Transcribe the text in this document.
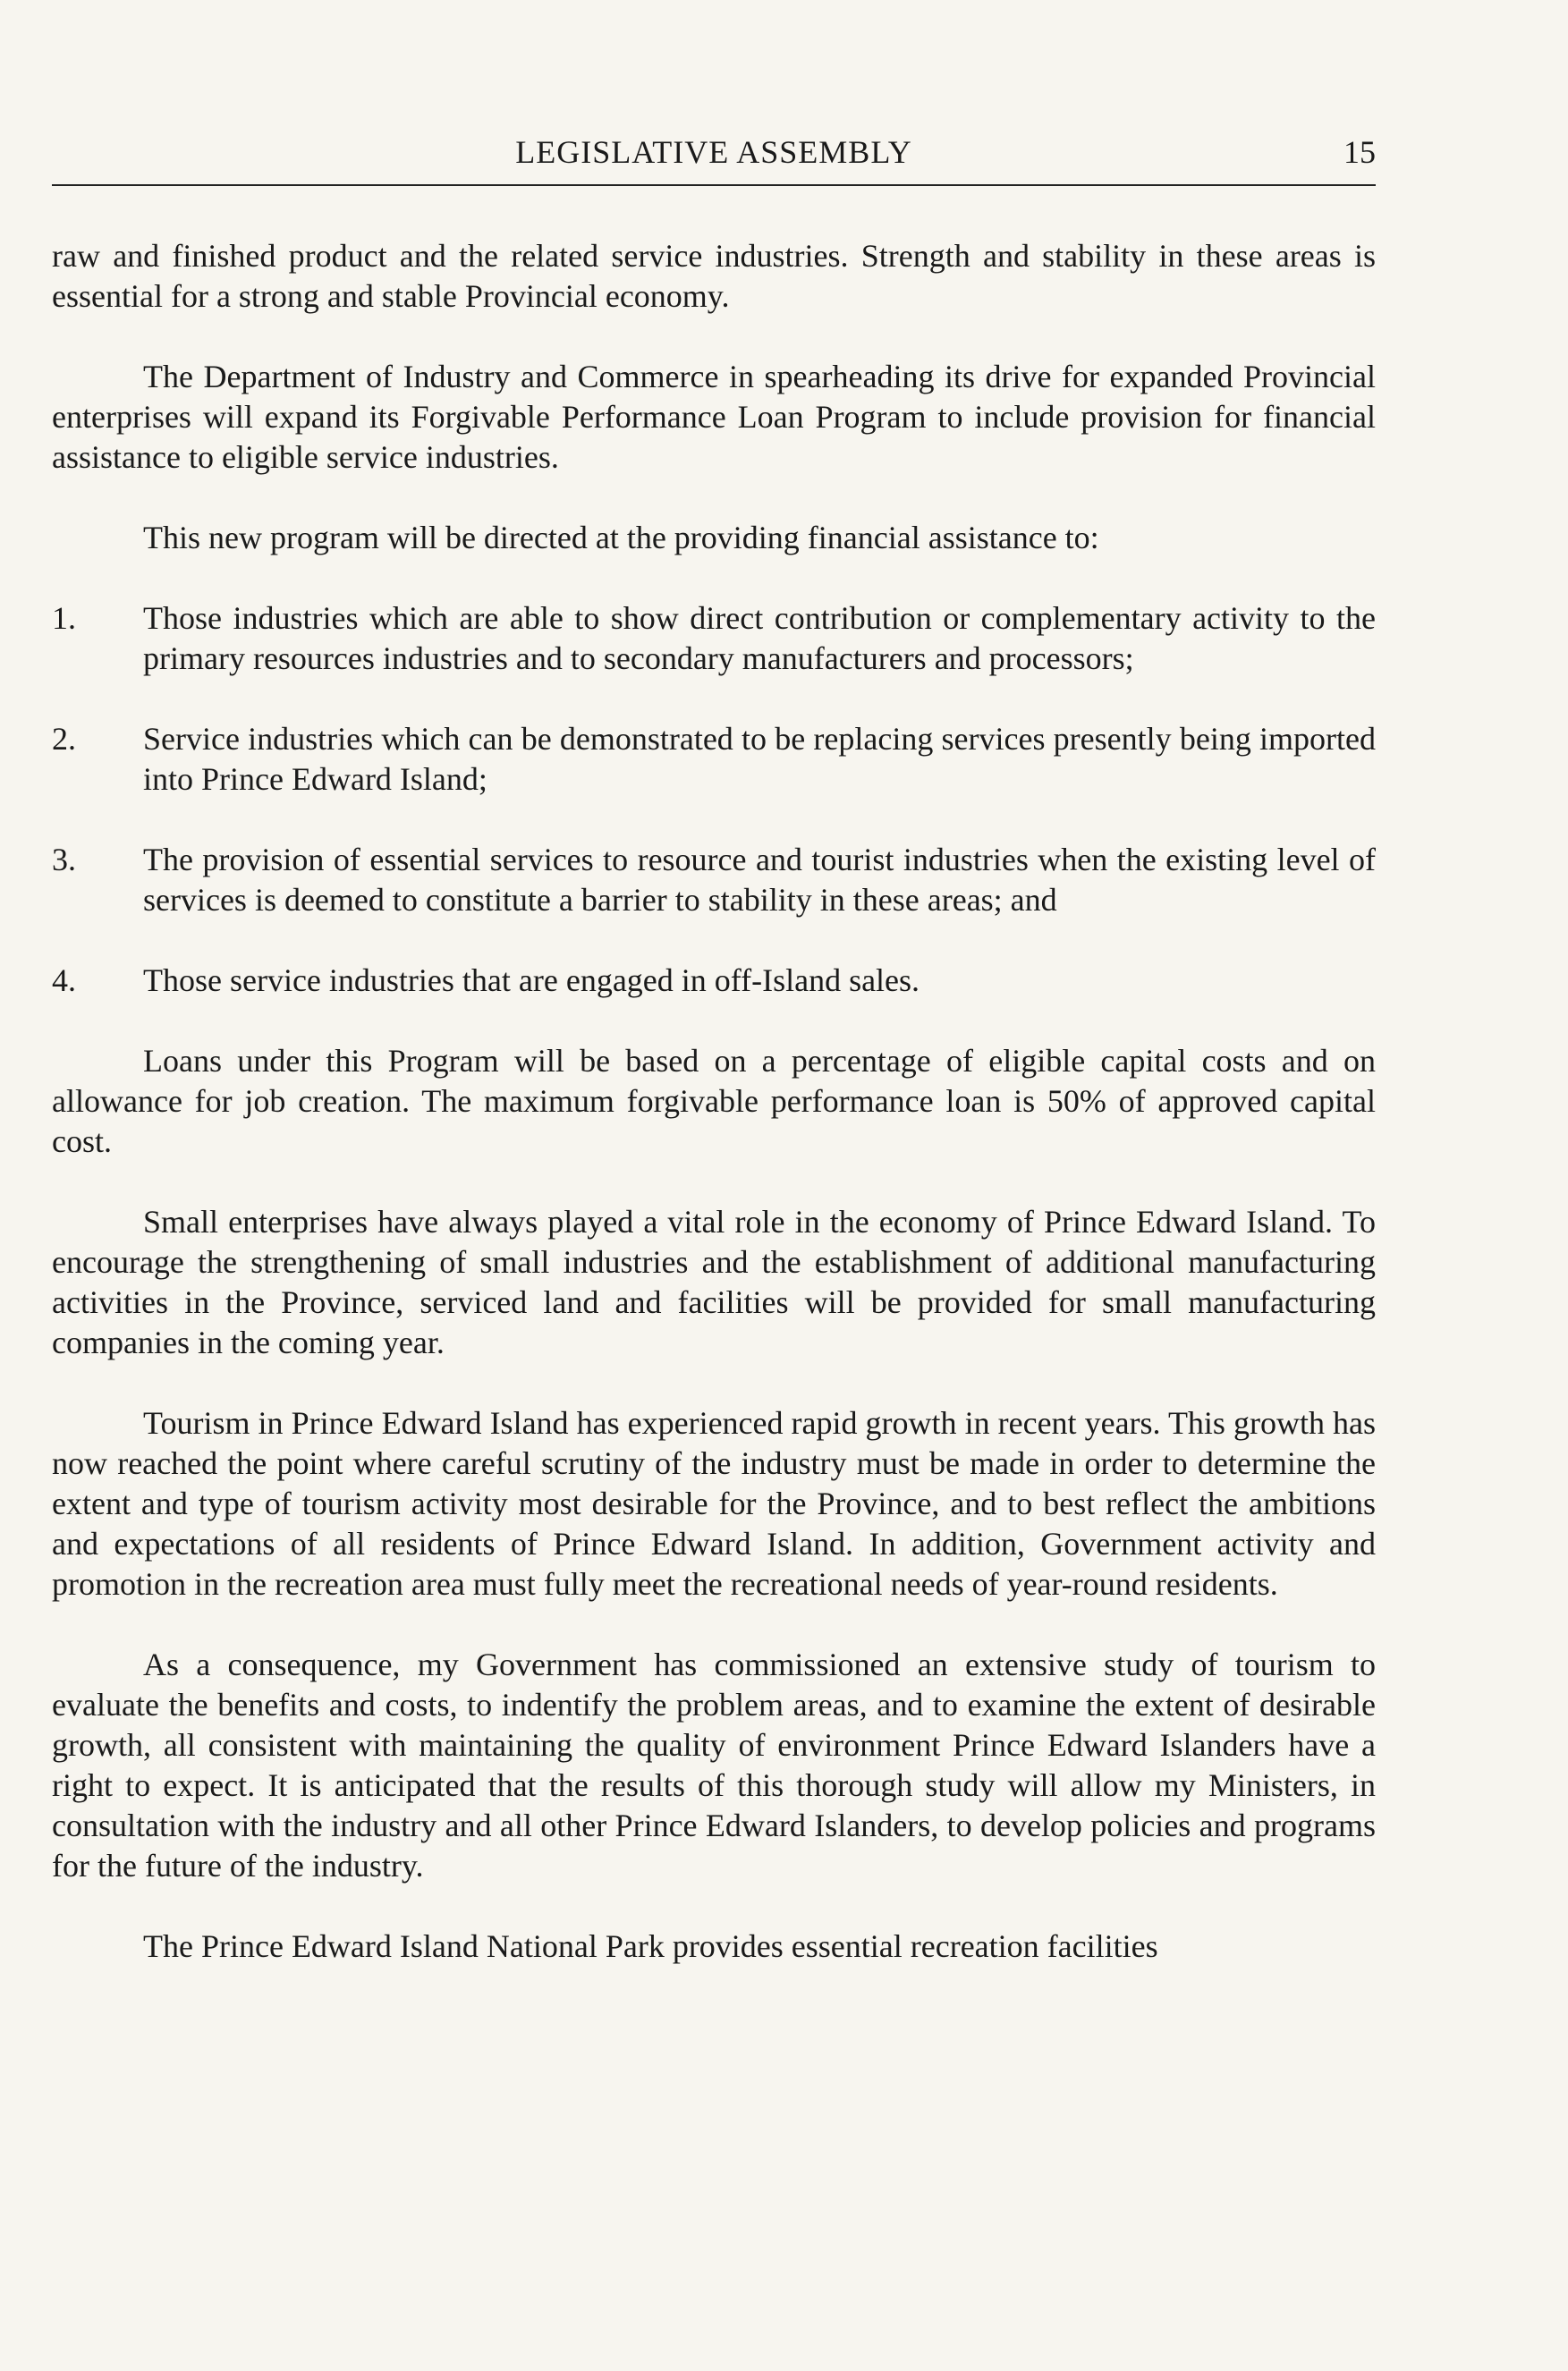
LEGISLATIVE ASSEMBLY	15

raw and finished product and the related service industries. Strength and stability in these areas is essential for a strong and stable Provincial economy.

The Department of Industry and Commerce in spearheading its drive for expanded Provincial enterprises will expand its Forgivable Performance Loan Program to include provision for financial assistance to eligible service industries.

This new program will be directed at the providing financial assistance to:

1.	Those industries which are able to show direct contribution or complementary activity to the primary resources industries and to secondary manufacturers and processors;
2.	Service industries which can be demonstrated to be replacing services presently being imported into Prince Edward Island;
3.	The provision of essential services to resource and tourist industries when the existing level of services is deemed to constitute a barrier to stability in these areas; and
4.	Those service industries that are engaged in off-Island sales.

Loans under this Program will be based on a percentage of eligible capital costs and on allowance for job creation. The maximum forgivable performance loan is 50% of approved capital cost.

Small enterprises have always played a vital role in the economy of Prince Edward Island. To encourage the strengthening of small industries and the establishment of additional manufacturing activities in the Province, serviced land and facilities will be provided for small manufacturing companies in the coming year.

Tourism in Prince Edward Island has experienced rapid growth in recent years. This growth has now reached the point where careful scrutiny of the industry must be made in order to determine the extent and type of tourism activity most desirable for the Province, and to best reflect the ambitions and expectations of all residents of Prince Edward Island. In addition, Government activity and promotion in the recreation area must fully meet the recreational needs of year-round residents.

As a consequence, my Government has commissioned an extensive study of tourism to evaluate the benefits and costs, to indentify the problem areas, and to examine the extent of desirable growth, all consistent with maintaining the quality of environment Prince Edward Islanders have a right to expect. It is anticipated that the results of this thorough study will allow my Ministers, in consultation with the industry and all other Prince Edward Islanders, to develop policies and programs for the future of the industry.

The Prince Edward Island National Park provides essential recreation facilities
